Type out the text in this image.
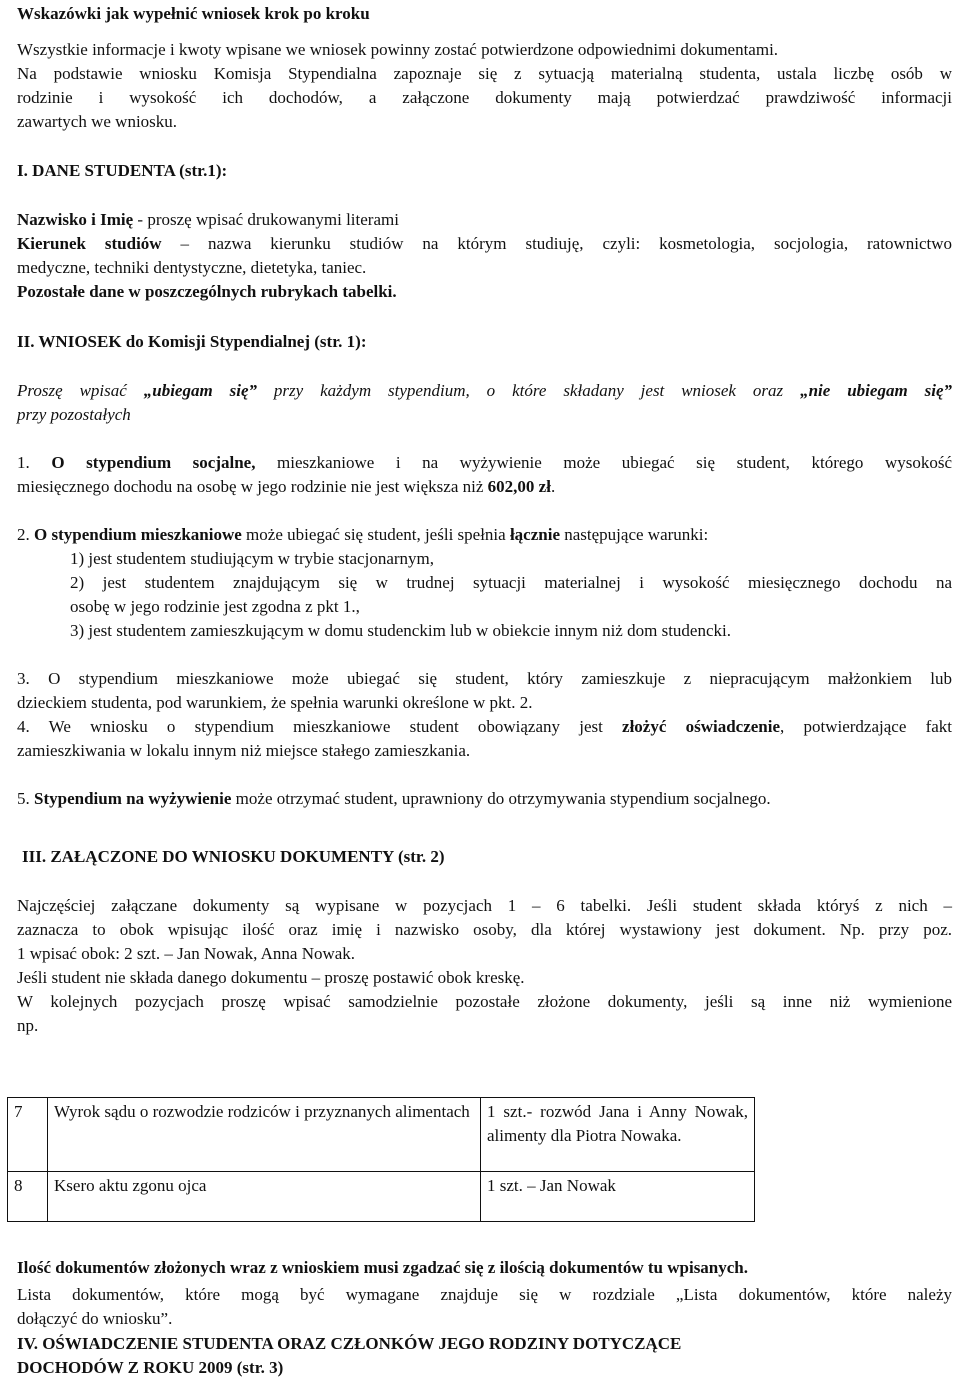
Wskazówki jak wypełnić wniosek krok po kroku
Wszystkie informacje i kwoty wpisane we wniosek powinny zostać potwierdzone odpowiednimi dokumentami.
Na podstawie wniosku Komisja Stypendialna zapoznaje się z sytuacją materialną studenta, ustala liczbę osób w
rodzinie i wysokość ich dochodów, a załączone dokumenty mają potwierdzać prawdziwość informacji
zawartych we wniosku.
I. DANE STUDENTA (str.1):
Nazwisko i Imię - proszę wpisać drukowanymi literami
Kierunek studiów – nazwa kierunku studiów na którym studiuję, czyli: kosmetologia, socjologia, ratownictwo
medyczne, techniki dentystyczne, dietetyka, taniec.
Pozostałe dane w poszczególnych rubrykach tabelki.
II. WNIOSEK do Komisji Stypendialnej (str. 1):
Proszę wpisać „ubiegam się” przy każdym stypendium, o które składany jest wniosek oraz „nie ubiegam się”
przy pozostałych
1. O stypendium socjalne, mieszkaniowe i na wyżywienie może ubiegać się student, którego wysokość
miesięcznego dochodu na osobę w jego rodzinie nie jest większa niż 602,00 zł.
2. O stypendium mieszkaniowe może ubiegać się student, jeśli spełnia łącznie następujące warunki:
1) jest studentem studiującym w trybie stacjonarnym,
2) jest studentem znajdującym się w trudnej sytuacji materialnej i wysokość miesięcznego dochodu na
osobę w jego rodzinie jest zgodna z pkt 1.,
3) jest studentem zamieszkującym w domu studenckim lub w obiekcie innym niż dom studencki.
3. O stypendium mieszkaniowe może ubiegać się student, który zamieszkuje z niepracującym małżonkiem lub
dzieckiem studenta, pod warunkiem, że spełnia warunki określone w pkt. 2.
4. We wniosku o stypendium mieszkaniowe student obowiązany jest złożyć oświadczenie, potwierdzające fakt
zamieszkiwania w lokalu innym niż miejsce stałego zamieszkania.
5. Stypendium na wyżywienie może otrzymać student, uprawniony do otrzymywania stypendium socjalnego.
III. ZAŁĄCZONE DO WNIOSKU DOKUMENTY (str. 2)
Najczęściej załączane dokumenty są wypisane w pozycjach 1 – 6 tabelki. Jeśli student składa któryś z nich –
zaznacza to obok wpisując ilość oraz imię i nazwisko osoby, dla której wystawiony jest dokument. Np. przy poz.
1 wpisać obok: 2 szt. – Jan Nowak, Anna Nowak.
Jeśli student nie składa danego dokumentu – proszę postawić obok kreskę.
W kolejnych pozycjach proszę wpisać samodzielnie pozostałe złożone dokumenty, jeśli są inne niż wymienione
np.
7	Wyrok sądu o rozwodzie rodziców i przyznanych alimentach	1 szt.- rozwód Jana i Anny Nowak, alimenty dla Piotra Nowaka.
8	Ksero aktu zgonu ojca	1 szt. – Jan Nowak
Ilość dokumentów złożonych wraz z wnioskiem musi zgadzać się z ilością dokumentów tu wpisanych.
Lista dokumentów, które mogą być wymagane znajduje się w rozdziale „Lista dokumentów, które należy
dołączyć do wniosku”.
IV. OŚWIADCZENIE STUDENTA ORAZ CZŁONKÓW JEGO RODZINY DOTYCZĄCE
DOCHODÓW Z ROKU 2009 (str. 3)
